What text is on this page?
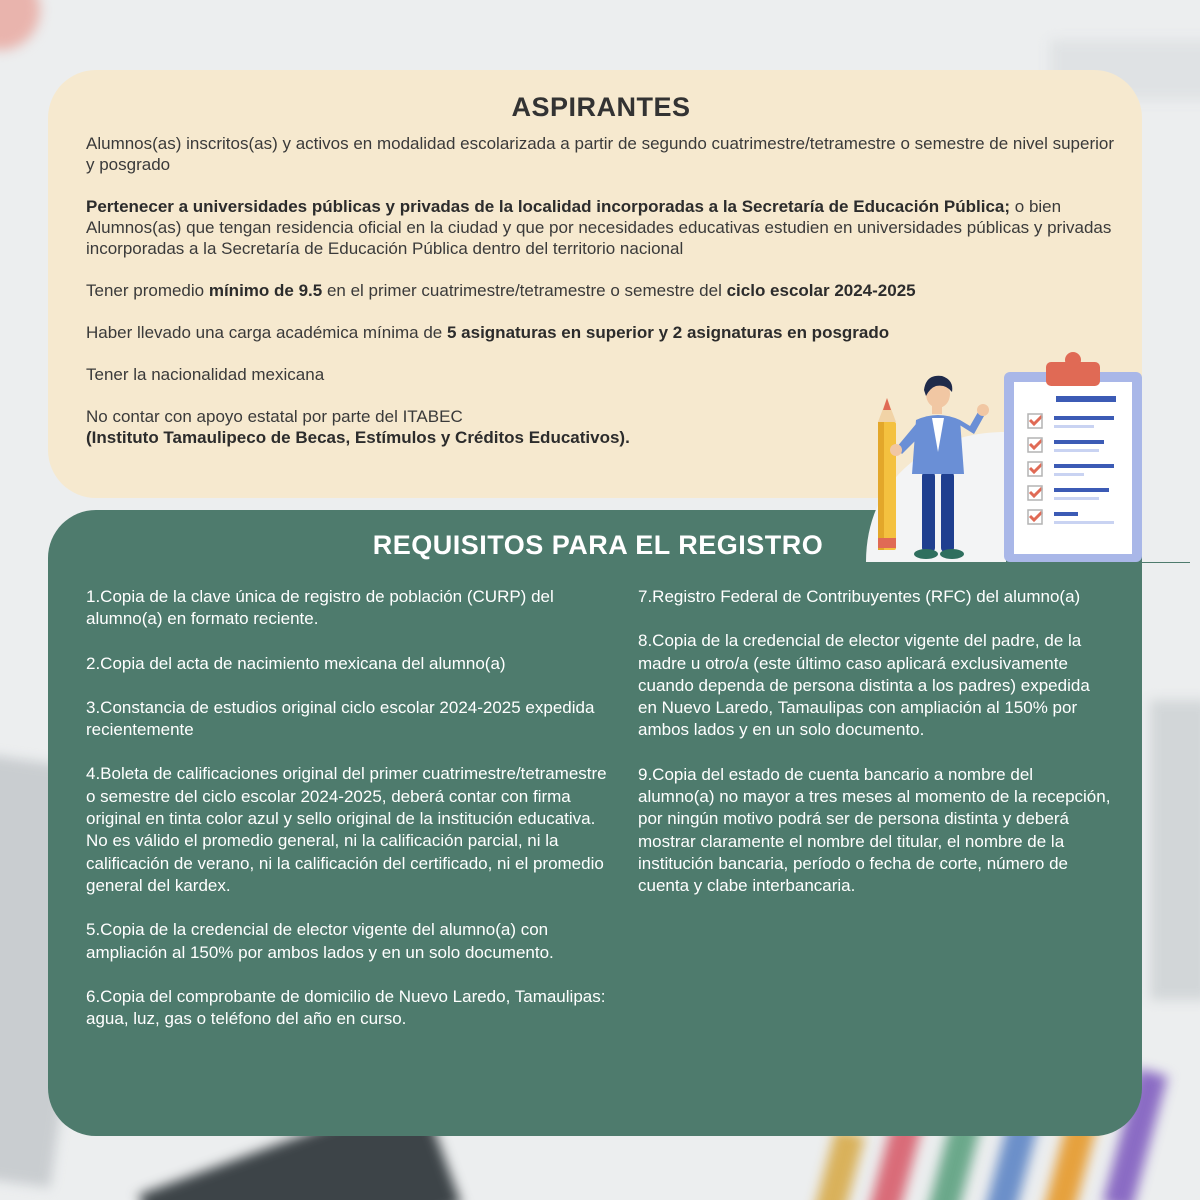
ASPIRANTES

Alumnos(as) inscritos(as) y activos en modalidad escolarizada a partir de segundo cuatrimestre/tetramestre o semestre de nivel superior y posgrado

Pertenecer a universidades públicas y privadas de la localidad incorporadas a la Secretaría de Educación Pública; o bien Alumnos(as) que tengan residencia oficial en la ciudad y que por necesidades educativas estudien en universidades públicas y privadas incorporadas a la Secretaría de Educación Pública dentro del territorio nacional

Tener promedio mínimo de 9.5 en el primer cuatrimestre/tetramestre o semestre del ciclo escolar 2024-2025

Haber llevado una carga académica mínima de 5 asignaturas en superior y 2 asignaturas en posgrado

Tener la nacionalidad mexicana

No contar con apoyo estatal por parte del ITABEC
(Instituto Tamaulipeco de Becas, Estímulos y Créditos Educativos).

REQUISITOS PARA EL REGISTRO

1.Copia de la clave única de registro de población (CURP) del alumno(a) en formato reciente.

2.Copia del acta de nacimiento mexicana del alumno(a)

3.Constancia de estudios original ciclo escolar 2024-2025 expedida recientemente

4.Boleta de calificaciones original del primer cuatrimestre/tetramestre o semestre del ciclo escolar 2024-2025, deberá contar con firma original en tinta color azul y sello original de la institución educativa. No es válido el promedio general, ni la calificación parcial, ni la calificación de verano, ni la calificación del certificado, ni el promedio general del kardex.

5.Copia de la credencial de elector vigente del alumno(a) con ampliación al 150% por ambos lados y en un solo documento.

6.Copia del comprobante de domicilio de Nuevo Laredo, Tamaulipas: agua, luz, gas o teléfono del año en curso.

7.Registro Federal de Contribuyentes (RFC) del alumno(a)

8.Copia de la credencial de elector vigente del padre, de la madre u otro/a (este último caso aplicará exclusivamente cuando dependa de persona distinta a los padres) expedida en Nuevo Laredo, Tamaulipas con ampliación al 150% por ambos lados y en un solo documento.

9.Copia del estado de cuenta bancario a nombre del alumno(a) no mayor a tres meses al momento de la recepción, por ningún motivo podrá ser de persona distinta y deberá mostrar claramente el nombre del titular, el nombre de la institución bancaria, período o fecha de corte, número de cuenta y clabe interbancaria.
